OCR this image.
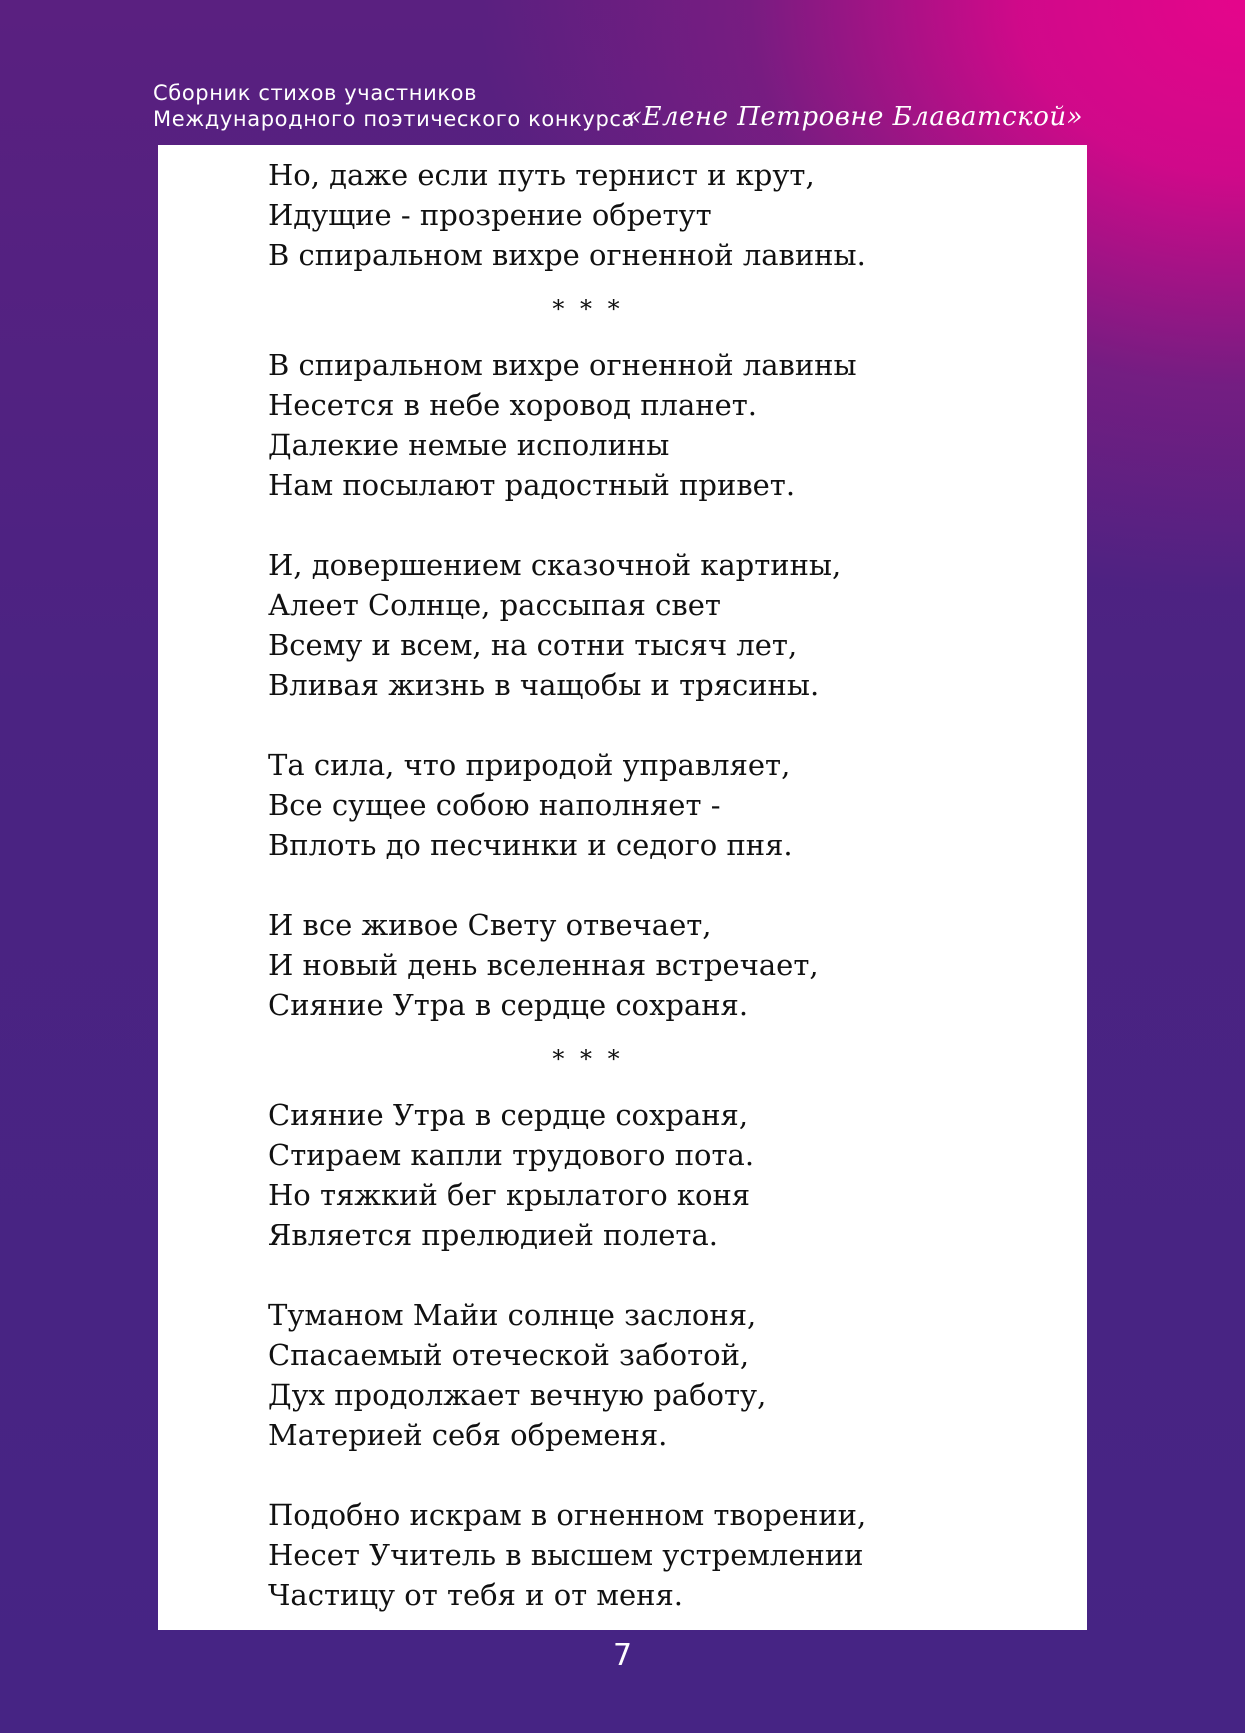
Сборник стихов участников
Международного поэтического конкурса
«Елене Петровне Блаватской»
Но, даже если путь тернист и крут,
Идущие - прозрение обретут
В спиральном вихре огненной лавины.
* * *
В спиральном вихре огненной лавины
Несется в небе хоровод планет.
Далекие немые исполины
Нам посылают радостный привет.
И, довершением сказочной картины,
Алеет Солнце, рассыпая свет
Всему и всем, на сотни тысяч лет,
Вливая жизнь в чащобы и трясины.
Та сила, что природой управляет,
Все сущее собою наполняет -
Вплоть до песчинки и седого пня.
И все живое Свету отвечает,
И новый день вселенная встречает,
Сияние Утра в сердце сохраня.
* * *
Сияние Утра в сердце сохраня,
Стираем капли трудового пота.
Но тяжкий бег крылатого коня
Является прелюдией полета.
Туманом Майи солнце заслоня,
Спасаемый отеческой заботой,
Дух продолжает вечную работу,
Материей себя обременя.
Подобно искрам в огненном творении,
Несет Учитель в высшем устремлении
Частицу от тебя и от меня.
7
